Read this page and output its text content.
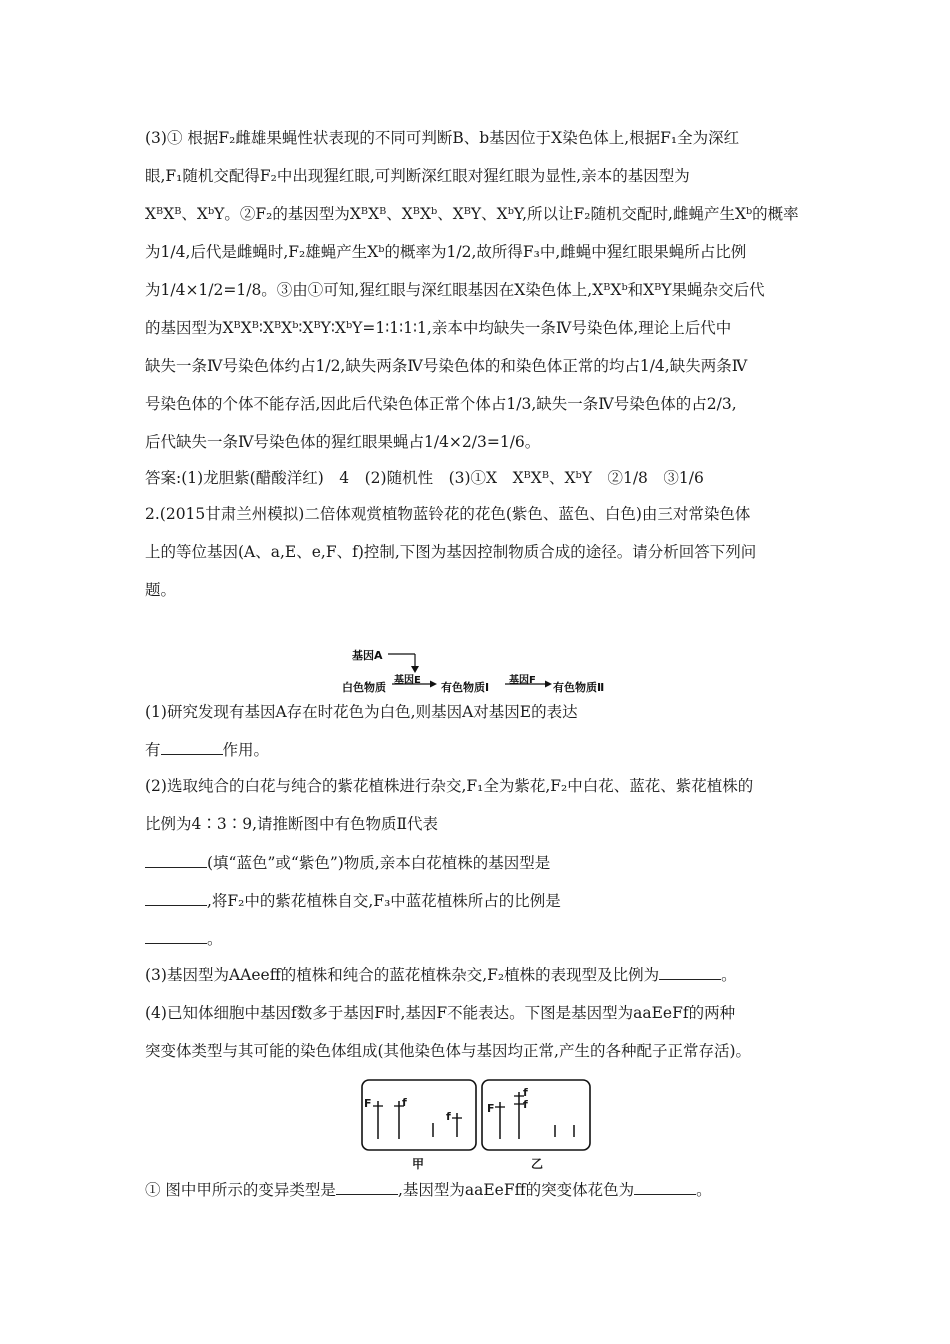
(3)① 根据F₂雌雄果蝇性状表现的不同可判断B、b基因位于X染色体上,根据F₁全为深红
眼,F₁随机交配得F₂中出现猩红眼,可判断深红眼对猩红眼为显性,亲本的基因型为
XᴮXᴮ、XᵇY。②F₂的基因型为XᴮXᴮ、XᴮXᵇ、XᴮY、XᵇY,所以让F₂随机交配时,雌蝇产生Xᵇ的概率
为1/4,后代是雌蝇时,F₂雄蝇产生Xᵇ的概率为1/2,故所得F₃中,雌蝇中猩红眼果蝇所占比例
为1/4×1/2=1/8。③由①可知,猩红眼与深红眼基因在X染色体上,XᴮXᵇ和XᴮY果蝇杂交后代
的基因型为XᴮXᴮ∶XᴮXᵇ∶XᴮY∶XᵇY=1∶1∶1∶1,亲本中均缺失一条Ⅳ号染色体,理论上后代中
缺失一条Ⅳ号染色体约占1/2,缺失两条Ⅳ号染色体的和染色体正常的均占1/4,缺失两条Ⅳ
号染色体的个体不能存活,因此后代染色体正常个体占1/3,缺失一条Ⅳ号染色体的占2/3,
后代缺失一条Ⅳ号染色体的猩红眼果蝇占1/4×2/3=1/6。
答案:(1)龙胆紫(醋酸洋红)　4　(2)随机性　(3)①X　XᴮXᴮ、XᵇY　②1/8　③1/6
2.(2015甘肃兰州模拟)二倍体观赏植物蓝铃花的花色(紫色、蓝色、白色)由三对常染色体
上的等位基因(A、a,E、e,F、f)控制,下图为基因控制物质合成的途径。请分析回答下列问
题。
基因A
白色物质
基因E
有色物质Ⅰ
基因F
有色物质Ⅱ
(1)研究发现有基因A存在时花色为白色,则基因A对基因E的表达
有	作用。
(2)选取纯合的白花与纯合的紫花植株进行杂交,F₁全为紫花,F₂中白花、蓝花、紫花植株的
比例为4∶3∶9,请推断图中有色物质Ⅱ代表
(填“蓝色”或“紫色”)物质,亲本白花植株的基因型是
,将F₂中的紫花植株自交,F₃中蓝花植株所占的比例是
。
(3)基因型为AAeeff的植株和纯合的蓝花植株杂交,F₂植株的表现型及比例为	。
(4)已知体细胞中基因f数多于基因F时,基因F不能表达。下图是基因型为aaEeFf的两种
突变体类型与其可能的染色体组成(其他染色体与基因均正常,产生的各种配子正常存活)。
F	f
f
F
f
f
甲	乙
① 图中甲所示的变异类型是	,基因型为aaEeFff的突变体花色为	。
